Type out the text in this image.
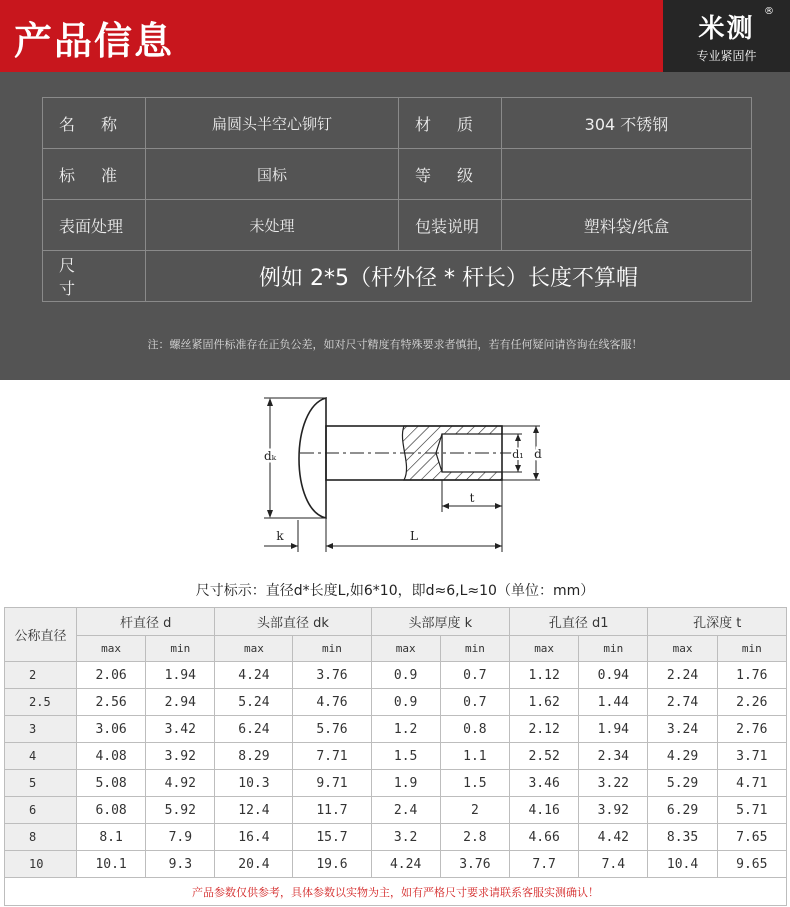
产品信息	米测
®
专业紧固件
名称	扁圆头半空心铆钉	材质	304 不锈钢
标准	国标	等级	
表面处理	未处理	包装说明	塑料袋/纸盒
尺寸	例如 2*5（杆外径 * 杆长）长度不算帽		
注：螺丝紧固件标准存在正负公差，如对尺寸精度有特殊要求者慎拍，若有任何疑问请咨询在线客服！
dₖ	d₁ d
t
k	L
尺寸标示：直径d*长度L,如6*10，即d≈6,L≈10（单位：mm）
公称直径	杆直径 d		头部直径 dk		头部厚度 k		孔直径 d1		孔深度 t	
	max	min	max	min	max	min	max	min	max	min
2	2.06	1.94	4.24	3.76	0.9	0.7	1.12	0.94	2.24	1.76
2.5	2.56	2.94	5.24	4.76	0.9	0.7	1.62	1.44	2.74	2.26
3	3.06	3.42	6.24	5.76	1.2	0.8	2.12	1.94	3.24	2.76
4	4.08	3.92	8.29	7.71	1.5	1.1	2.52	2.34	4.29	3.71
5	5.08	4.92	10.3	9.71	1.9	1.5	3.46	3.22	5.29	4.71
6	6.08	5.92	12.4	11.7	2.4	2	4.16	3.92	6.29	5.71
8	8.1	7.9	16.4	15.7	3.2	2.8	4.66	4.42	8.35	7.65
10	10.1	9.3	20.4	19.6	4.24	3.76	7.7	7.4	10.4	9.65
产品参数仅供参考，具体参数以实物为主，如有严格尺寸要求请联系客服实测确认！										
